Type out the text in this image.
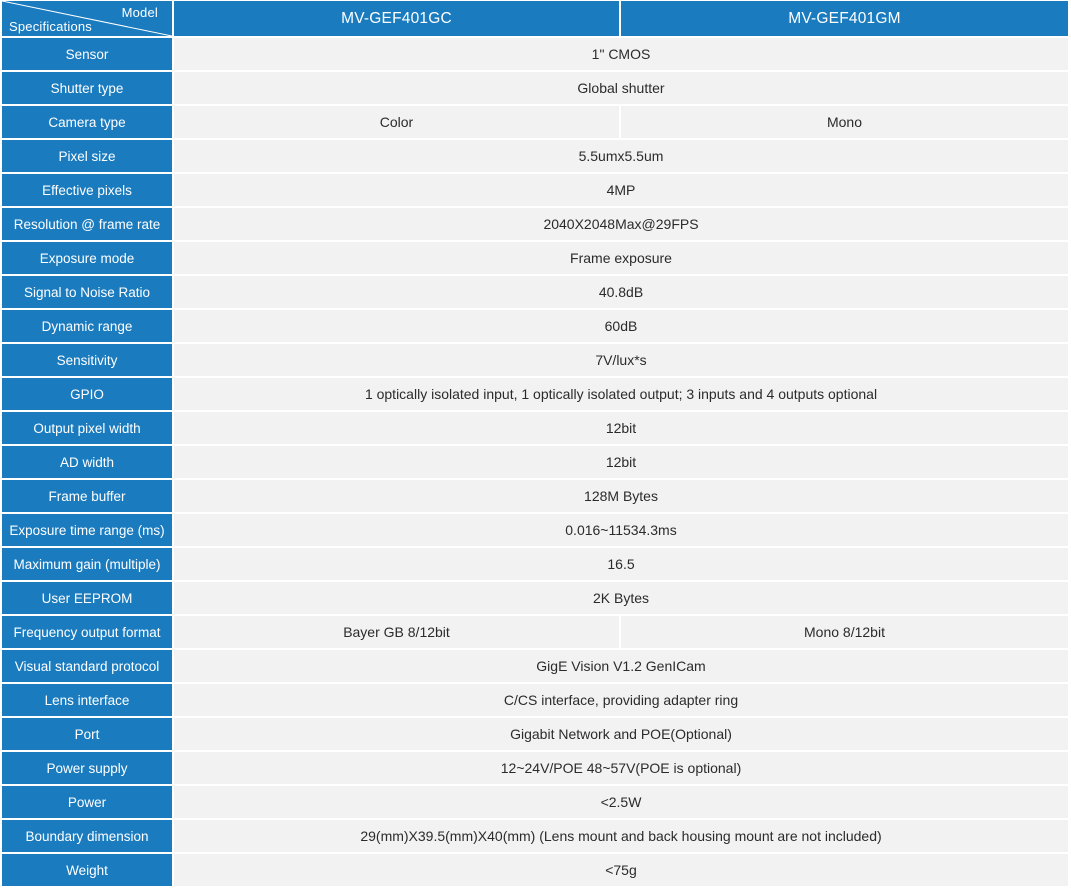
Model
Specifications	MV-GEF401GC	MV-GEF401GM
Sensor	1" CMOS	
Shutter type	Global shutter	
Camera type	Color	Mono
Pixel size	5.5umx5.5um	
Effective pixels	4MP	
Resolution @ frame rate	2040X2048Max@29FPS	
Exposure mode	Frame exposure	
Signal to Noise Ratio	40.8dB	
Dynamic range	60dB	
Sensitivity	7V/lux*s	
GPIO	1 optically isolated input, 1 optically isolated output; 3 inputs and 4 outputs optional	
Output pixel width	12bit	
AD width	12bit	
Frame buffer	128M Bytes	
Exposure time range (ms)	0.016~11534.3ms	
Maximum gain (multiple)	16.5	
User EEPROM	2K Bytes	
Frequency output format	Bayer GB 8/12bit	Mono 8/12bit
Visual standard protocol	GigE Vision V1.2 GenICam	
Lens interface	C/CS interface, providing adapter ring	
Port	Gigabit Network and POE(Optional)	
Power supply	12~24V/POE 48~57V(POE is optional)	
Power	<2.5W	
Boundary dimension	29(mm)X39.5(mm)X40(mm) (Lens mount and back housing mount are not included)	
Weight	<75g	
